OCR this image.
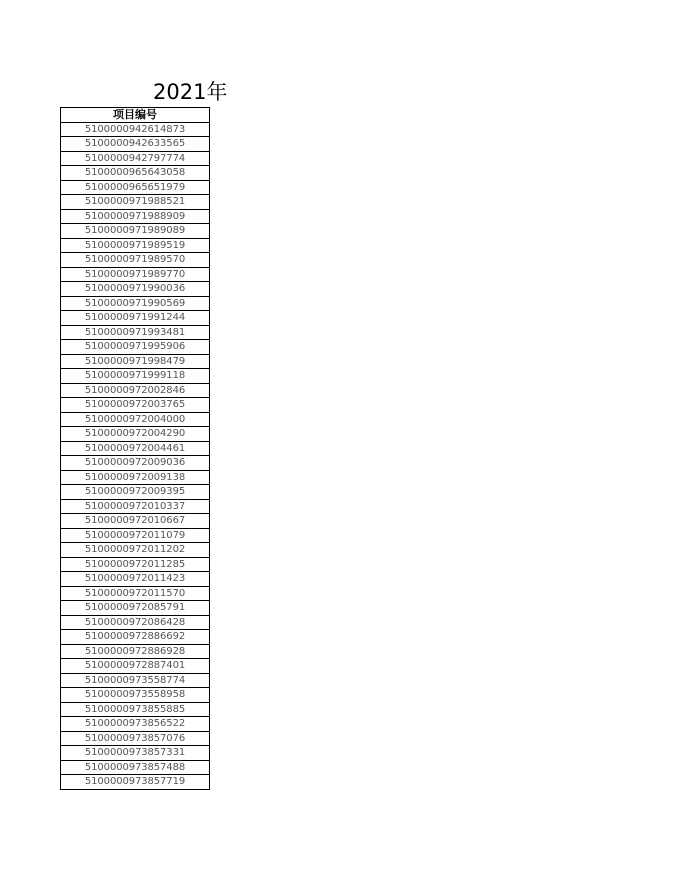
2021年
项目编号
5100000942614873
5100000942633565
5100000942797774
5100000965643058
5100000965651979
5100000971988521
5100000971988909
5100000971989089
5100000971989519
5100000971989570
5100000971989770
5100000971990036
5100000971990569
5100000971991244
5100000971993481
5100000971995906
5100000971998479
5100000971999118
5100000972002846
5100000972003765
5100000972004000
5100000972004290
5100000972004461
5100000972009036
5100000972009138
5100000972009395
5100000972010337
5100000972010667
5100000972011079
5100000972011202
5100000972011285
5100000972011423
5100000972011570
5100000972085791
5100000972086428
5100000972886692
5100000972886928
5100000972887401
5100000973558774
5100000973558958
5100000973855885
5100000973856522
5100000973857076
5100000973857331
5100000973857488
5100000973857719
